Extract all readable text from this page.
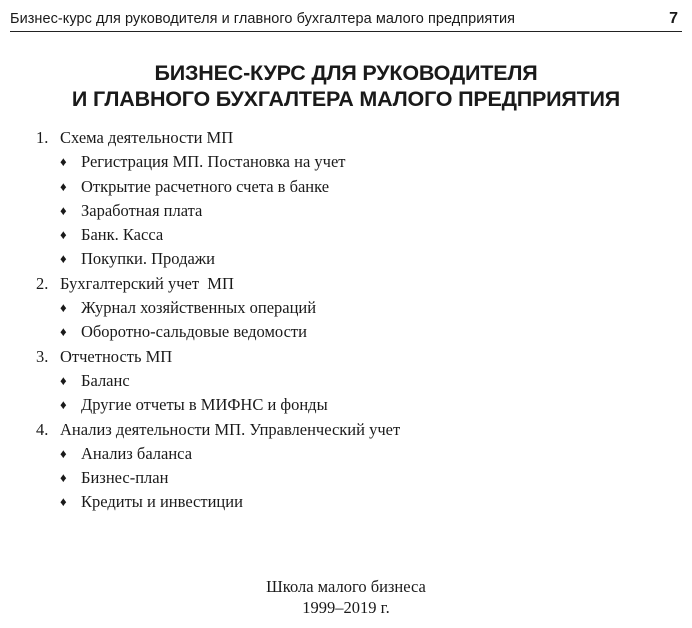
Бизнес-курс для руководителя и главного бухгалтера малого предприятия	7
БИЗНЕС-КУРС ДЛЯ РУКОВОДИТЕЛЯ
И ГЛАВНОГО БУХГАЛТЕРА МАЛОГО ПРЕДПРИЯТИЯ
1. Схема деятельности МП
♦ Регистрация МП. Постановка на учет
♦ Открытие расчетного счета в банке
♦ Заработная плата
♦ Банк. Касса
♦ Покупки. Продажи
2. Бухгалтерский учет  МП
♦ Журнал хозяйственных операций
♦ Оборотно-сальдовые ведомости
3. Отчетность МП
♦ Баланс
♦ Другие отчеты в МИФНС и фонды
4. Анализ деятельности МП. Управленческий учет
♦ Анализ баланса
♦ Бизнес-план
♦ Кредиты и инвестиции
Школа малого бизнеса
1999–2019 г.
